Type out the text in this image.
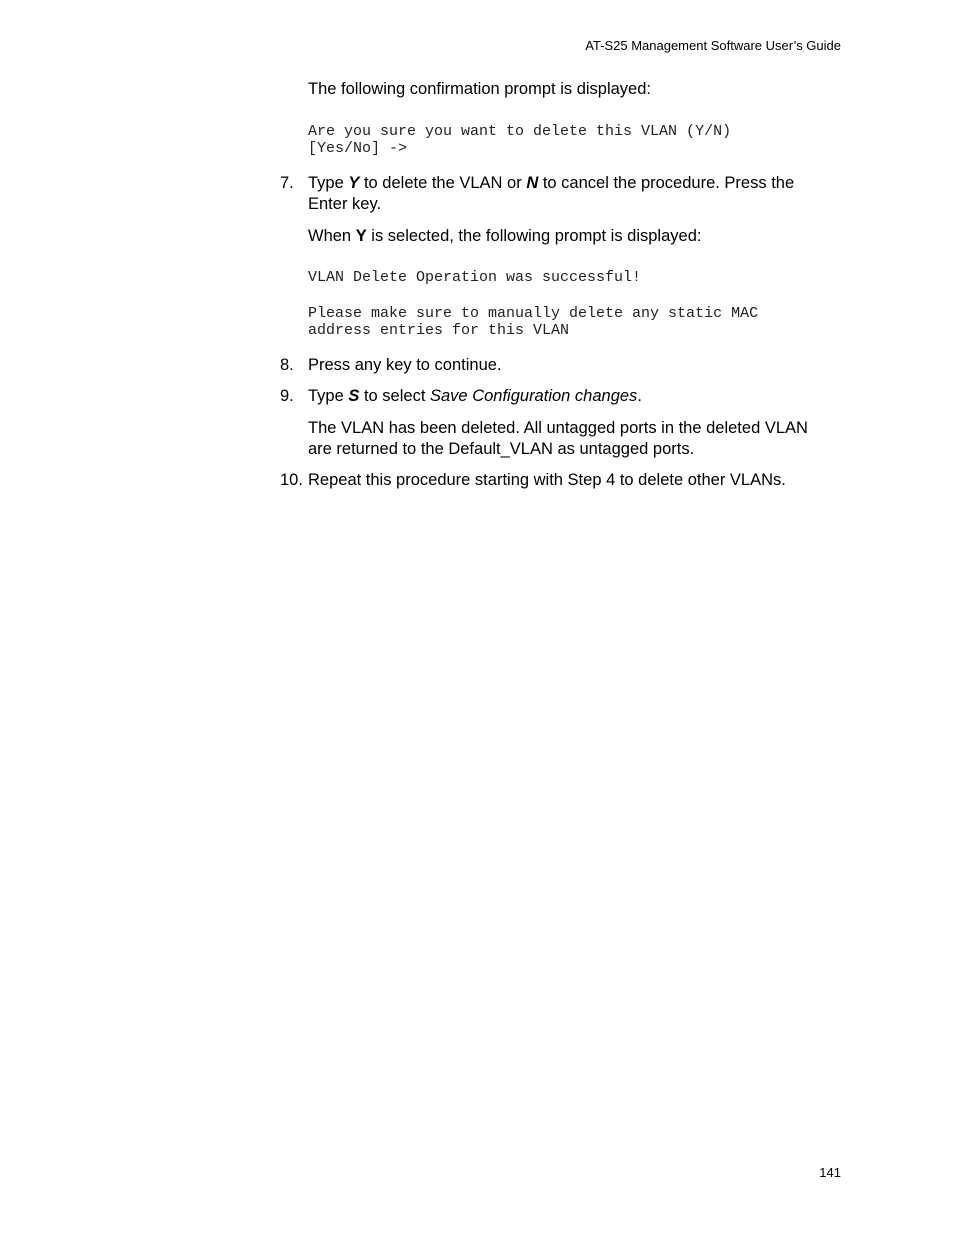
AT-S25 Management Software User’s Guide

The following confirmation prompt is displayed:

Are you sure you want to delete this VLAN (Y/N)
[Yes/No] ->
7. Type Y to delete the VLAN or N to cancel the procedure. Press the Enter key.

When Y is selected, the following prompt is displayed:

VLAN Delete Operation was successful!
Please make sure to manually delete any static MAC
address entries for this VLAN
8. Press any key to continue.

9. Type S to select Save Configuration changes.

The VLAN has been deleted. All untagged ports in the deleted VLAN are returned to the Default_VLAN as untagged ports.

10. Repeat this procedure starting with Step 4 to delete other VLANs.

141
